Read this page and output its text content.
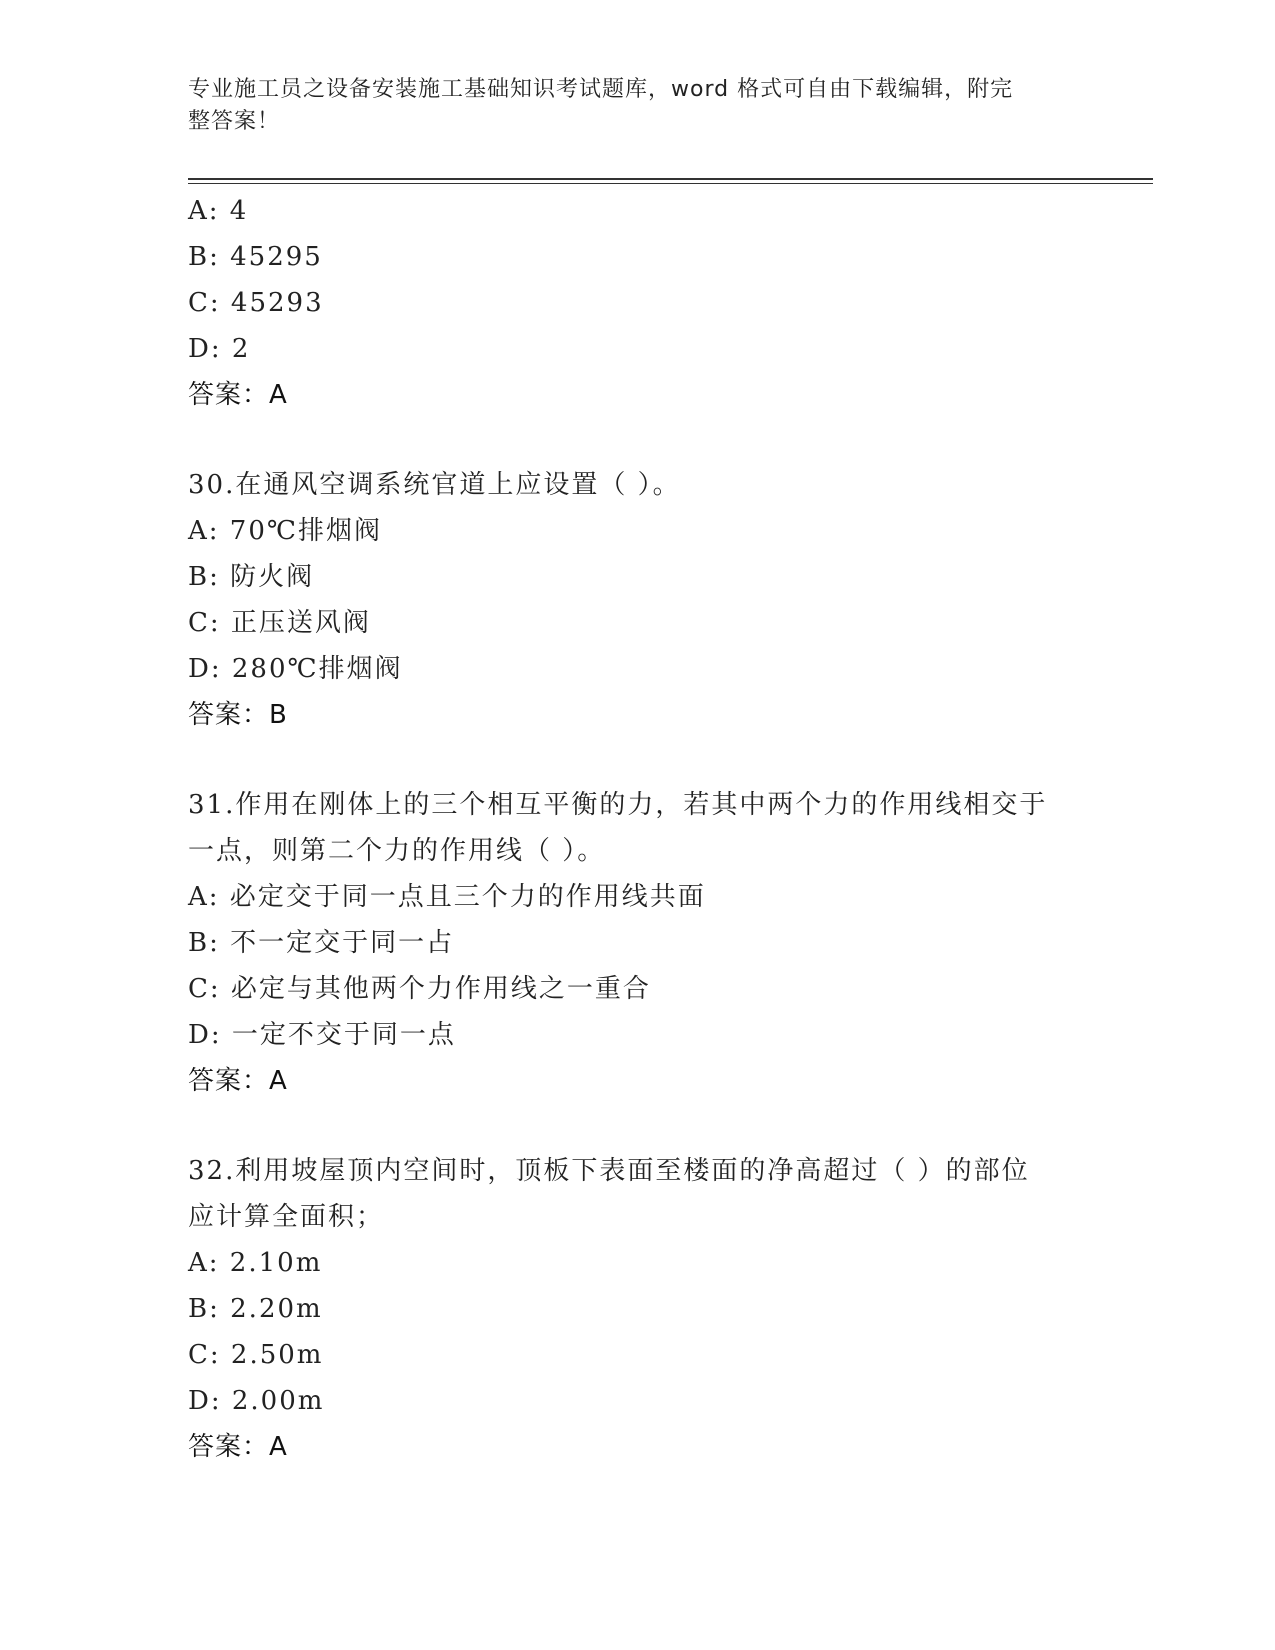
专业施工员之设备安装施工基础知识考试题库，word 格式可自由下载编辑，附完
整答案！
A: 4
B: 45295
C: 45293
D: 2
答案：A
30.在通风空调系统官道上应设置（ ）。
A: 70℃排烟阀
B: 防火阀
C: 正压送风阀
D: 280℃排烟阀
答案：B
31.作用在刚体上的三个相互平衡的力，若其中两个力的作用线相交于
一点，则第二个力的作用线（ ）。
A: 必定交于同一点且三个力的作用线共面
B: 不一定交于同一占
C: 必定与其他两个力作用线之一重合
D: 一定不交于同一点
答案：A
32.利用坡屋顶内空间时，顶板下表面至楼面的净高超过（ ）的部位
应计算全面积；
A: 2.10m
B: 2.20m
C: 2.50m
D: 2.00m
答案：A
